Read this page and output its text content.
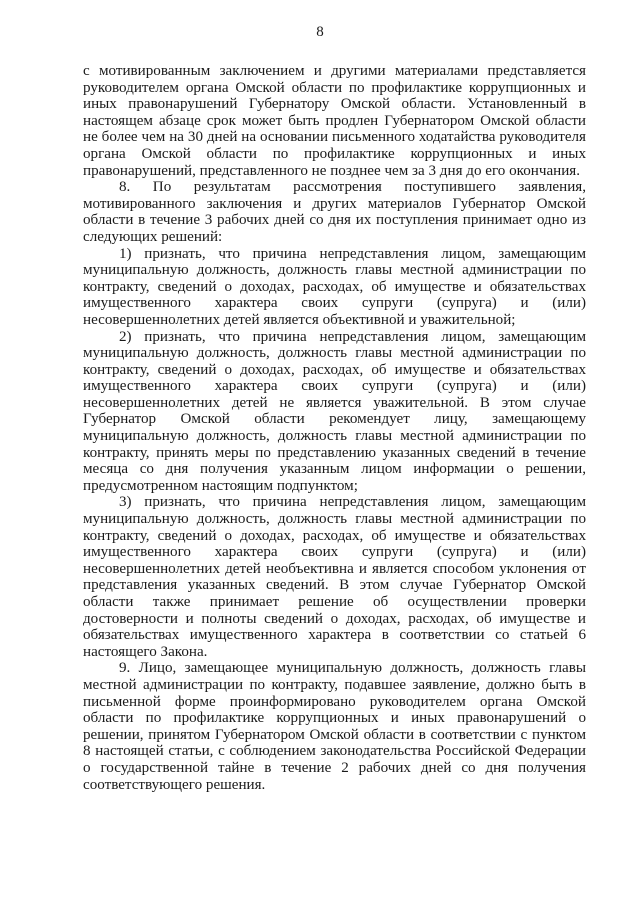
8

с мотивированным заключением и другими материалами представляется руководителем органа Омской области по профилактике коррупционных и иных правонарушений Губернатору Омской области. Установленный в настоящем абзаце срок может быть продлен Губернатором Омской области не более чем на 30 дней на основании письменного ходатайства руководителя органа Омской области по профилактике коррупционных и иных правонарушений, представленного не позднее чем за 3 дня до его окончания.

8. По результатам рассмотрения поступившего заявления, мотивированного заключения и других материалов Губернатор Омской области в течение 3 рабочих дней со дня их поступления принимает одно из следующих решений:

1) признать, что причина непредставления лицом, замещающим муниципальную должность, должность главы местной администрации по контракту, сведений о доходах, расходах, об имуществе и обязательствах имущественного характера своих супруги (супруга) и (или) несовершеннолетних детей является объективной и уважительной;

2) признать, что причина непредставления лицом, замещающим муниципальную должность, должность главы местной администрации по контракту, сведений о доходах, расходах, об имуществе и обязательствах имущественного характера своих супруги (супруга) и (или) несовершеннолетних детей не является уважительной. В этом случае Губернатор Омской области рекомендует лицу, замещающему муниципальную должность, должность главы местной администрации по контракту, принять меры по представлению указанных сведений в течение месяца со дня получения указанным лицом информации о решении, предусмотренном настоящим подпунктом;

3) признать, что причина непредставления лицом, замещающим муниципальную должность, должность главы местной администрации по контракту, сведений о доходах, расходах, об имуществе и обязательствах имущественного характера своих супруги (супруга) и (или) несовершеннолетних детей необъективна и является способом уклонения от представления указанных сведений. В этом случае Губернатор Омской области также принимает решение об осуществлении проверки достоверности и полноты сведений о доходах, расходах, об имуществе и обязательствах имущественного характера в соответствии со статьей 6 настоящего Закона.

9. Лицо, замещающее муниципальную должность, должность главы местной администрации по контракту, подавшее заявление, должно быть в письменной форме проинформировано руководителем органа Омской области по профилактике коррупционных и иных правонарушений о решении, принятом Губернатором Омской области в соответствии с пунктом 8 настоящей статьи, с соблюдением законодательства Российской Федерации о государственной тайне в течение 2 рабочих дней со дня получения соответствующего решения.
